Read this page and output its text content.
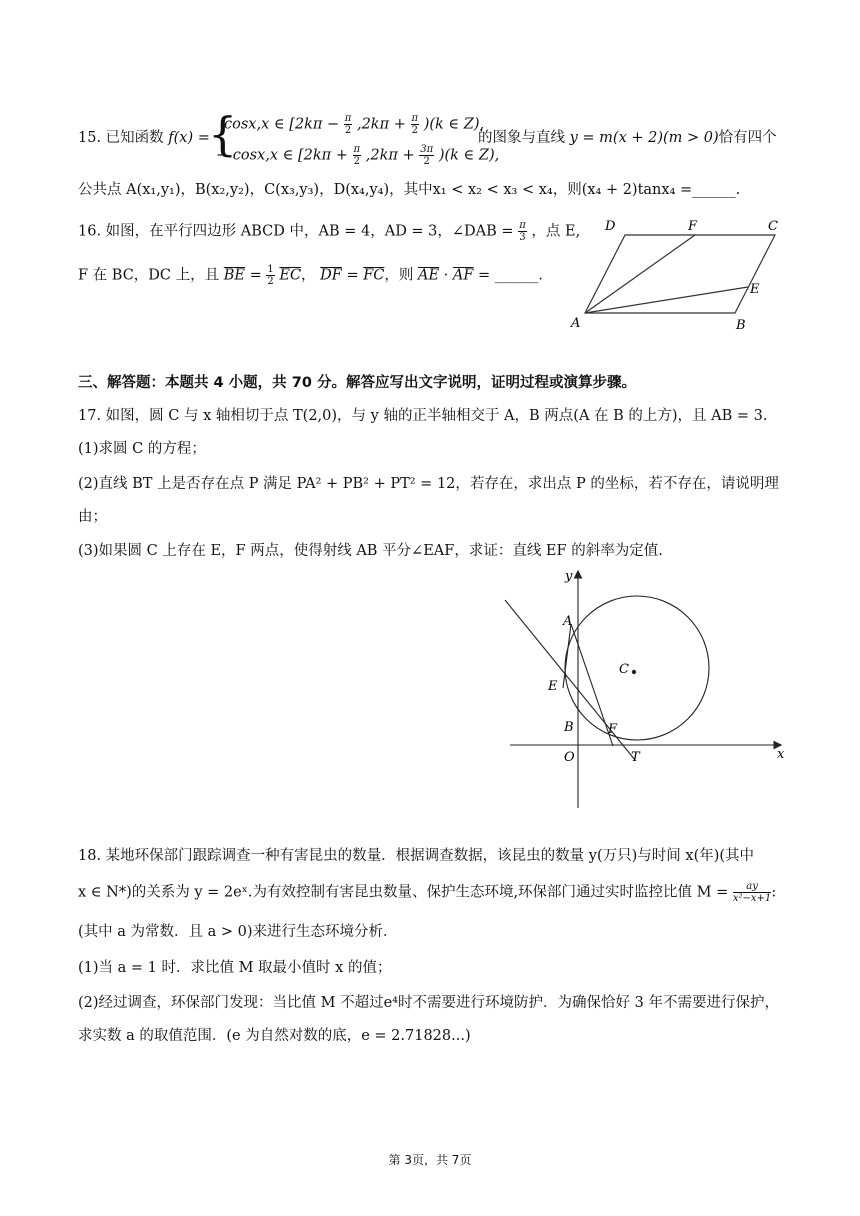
15. 已知函数 f(x) =
{
cosx,x ∈ $[2k\pi - \frac{\pi}{2} ,2k\pi + \frac{\pi}{2} )(k$ ∈ Z),
− cosx,x ∈ $[2k\pi + \frac{\pi}{2} ,2k\pi + \frac{3\pi}{2} )(k$ ∈ Z),
的图象与直线 y = m(x + 2)(m > 0)恰有四个
公共点 A(x₁,y₁)，B(x₂,y₂)，C(x₃,y₃)，D(x₄,y₄)，其中x₁ < x₂ < x₃ < x₄，则(x₄ + 2)tanx₄ =______.
16. 如图，在平行四边形 ABCD 中，AB = 4，AD = 3，∠DAB = $\frac{\pi}{3}$ ，点 E,
F 在 BC，DC 上，且 $\overline{BE} = \frac{1}{2} \overline{EC}$， $\overline{DF} = \overline{FC}$，则 $\overline{AE} \cdot \overline{AF}$ = ______.
D	F	C
E
A	B
三、解答题：本题共 4 小题，共 70 分。解答应写出文字说明，证明过程或演算步骤。
17. 如图，圆 C 与 x 轴相切于点 T(2,0)，与 y 轴的正半轴相交于 A，B 两点(A 在 B 的上方)，且 AB = 3.
(1)求圆 C 的方程；
(2)直线 BT 上是否存在点 P 满足 PA² + PB² + PT² = 12，若存在，求出点 P 的坐标，若不存在，请说明理
由；
(3)如果圆 C 上存在 E，F 两点，使得射线 AB 平分∠EAF，求证：直线 EF 的斜率为定值.
y
x
A
C
E
B	F
O	T
18. 某地环保部门跟踪调查一种有害昆虫的数量．根据调查数据，该昆虫的数量 y(万只)与时间 x(年)(其中
x ∈ N*)的关系为 y = 2eˣ.为有效控制有害昆虫数量、保护生态环境,环保部门通过实时监控比值 $M = \frac{ay}{\text{x²−x+1}}$ :
(其中 a 为常数．且 a > 0)来进行生态环境分析．
(1)当 a = 1 时．求比值 M 取最小值时 x 的值；
(2)经过调查，环保部门发现：当比值 M 不超过e⁴时不需要进行环境防护．为确保恰好 3 年不需要进行保护，
求实数 a 的取值范围．(e 为自然对数的底，e = 2.71828...)
第 3页，共 7页
